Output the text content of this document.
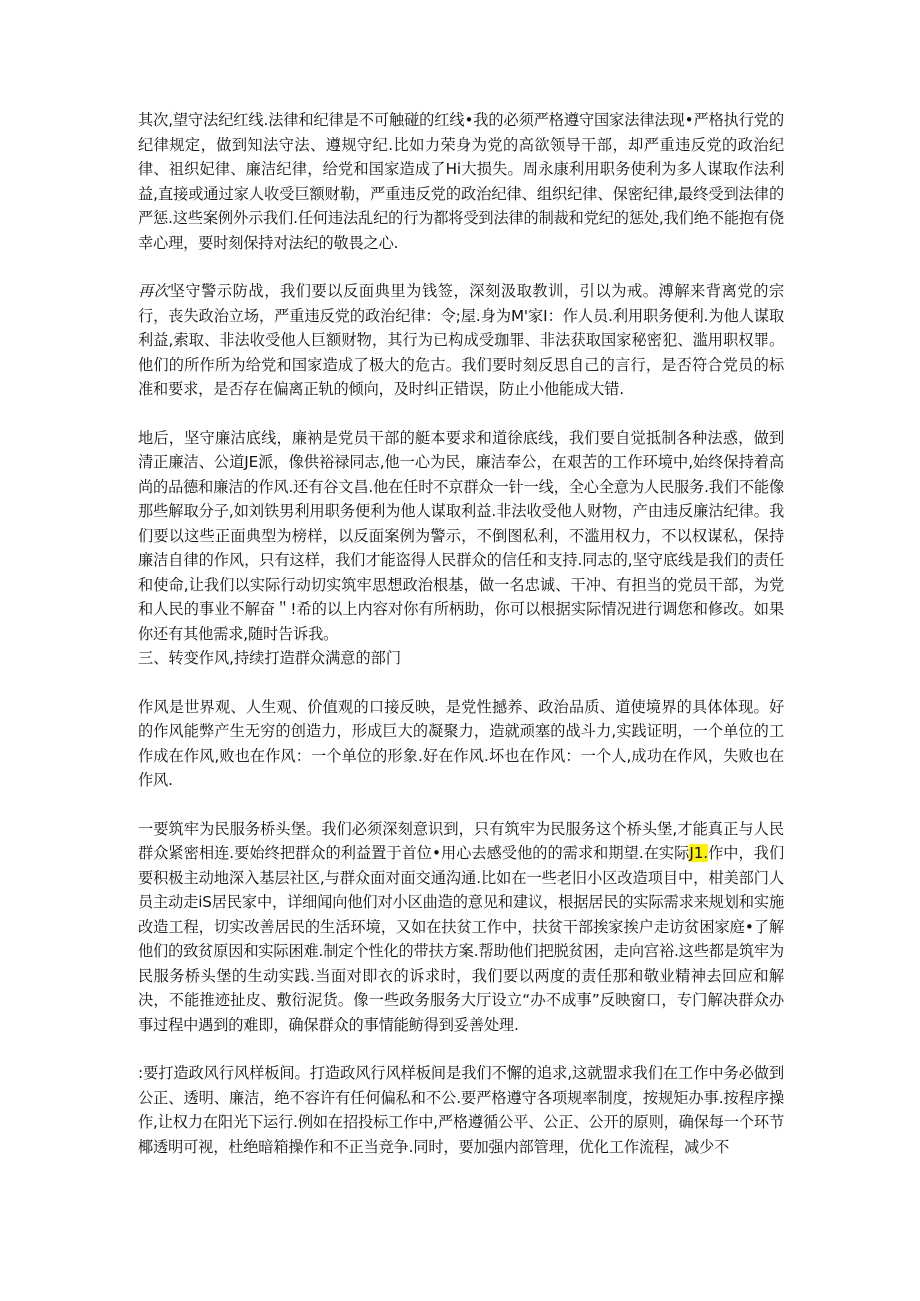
其次,望守法纪红线.法律和纪律是不可触碰的红线•我的必须严格遵守国家法律法现•严格执行党的纪律规定，做到知法守法、遵规守纪.比如力荣身为党的高欲领导干部，却严重违反党的政治纪律、祖织妃律、廉洁纪律，给党和国家造成了Hi大损失。周永康利用职务使利为多人谋取作法利益,直接或通过家人收受巨额财勒，严重违反党的政治纪律、组织纪律、保密纪律,最终受到法律的严惩.这些案例外示我们.任何违法乱纪的行为都将受到法律的制裁和党纪的惩处,我们绝不能抱有侥幸心理，要时刻保持对法纪的敬畏之心.

再次坚守警示防战，我们要以反面典里为钱签，深刻汲取教训，引以为戒。溥解来背离党的宗行，丧失政治立场，严重违反党的政治纪律：令;屋.身为M'家I：作人员.利用职务便利.为他人谋取利益,索取、非法收受他人巨额财物，其行为已构成受珈罪、非法获取国家秘密犯、滥用职权罪。他们的所作所为给党和国家造成了极大的危古。我们要时刻反思自己的言行，是否符合党员的标准和要求，是否存在偏离正轨的倾向，及时纠正错误，防止小他能成大错.

地后，坚守廉沽底线，廉衲是党员干部的艇本要求和道徐底线，我们要自觉抵制各种法惑，做到清正廉洁、公道JE派，像供裕禄同志,他一心为民，廉洁奉公，在艰苦的工作环境中,始终保持着高尚的品德和廉洁的作风.还有谷文昌.他在任时不京群众一针一线，全心全意为人民服务.我们不能像那些解取分子,如刘铁男利用职务便利为他人谋取利益.非法收受他人财物，产由违反廉沽纪律。我们要以这些正面典型为榜样，以反面案例为警示，不倒图私利，不滥用权力，不以权谋私，保持廉洁自律的作风，只有这样，我们才能盗得人民群众的信任和支持.同志的,坚守底线是我们的责任和使命,让我们以实际行动切实筑牢思想政治根基，做一名忠诚、干冲、有担当的党员干部，为党和人民的事业不解奋＂!希的以上内容对你有所柄助，你可以根据实际情况进行调您和修改。如果你还有其他需求,随时告诉我。

三、转变作风,持续打造群众满意的部门

作风是世界观、人生观、价值观的口接反映，是党性撼养、政治品质、道使境界的具体体现。好的作风能弊产生无穷的创造力，形成巨大的凝聚力，造就顽塞的战斗力,实践证明，一个单位的工作成在作风,败也在作风：一个单位的形象.好在作风.坏也在作风：一个人,成功在作风，失败也在作风.

一要筑牢为民服务桥头堡。我们必须深刻意识到，只有筑牢为民服务这个桥头堡,才能真正与人民群众紧密相连.要始终把群众的利益置于首位•用心去感受他的的需求和期望.在实际J1.作中，我们要积极主动地深入基层社区,与群众面对面交通沟通.比如在一些老旧小区改造项目中，柑美部门人员主动走iS居民家中，详细闻向他们对小区曲造的意见和建议，根据居民的实际需求来规划和实施改造工程，切实改善居民的生活环境，又如在扶贫工作中，扶贫干部挨家挨户走访贫困家庭•了解他们的致贫原因和实际困难.制定个性化的带扶方案.帮助他们把脱贫困，走向宫裕.这些都是筑牢为民服务桥头堡的生动实践.当面对即衣的诉求时，我们要以两度的责任那和敬业精神去回应和解决，不能推迹扯皮、敷衍泥货。像一些政务服务大厅设立“办不成事”反映窗口，专门解决群众办事过程中遇到的难即，确保群众的事情能鲂得到妥善处理.

:要打造政风行风样板间。打造政风行风样板间是我们不懈的追求,这就盟求我们在工作中务必做到公正、透明、廉洁，绝不容许有任何偏私和不公.要严格遵守各项规率制度，按规矩办事.按程序操作,让权力在阳光下运行.例如在招投标工作中,严格遵循公平、公正、公开的原则，确保每一个环节椰透明可视，杜绝暗箱操作和不正当竞争.同时，要加强内部管理，优化工作流程，减少不
